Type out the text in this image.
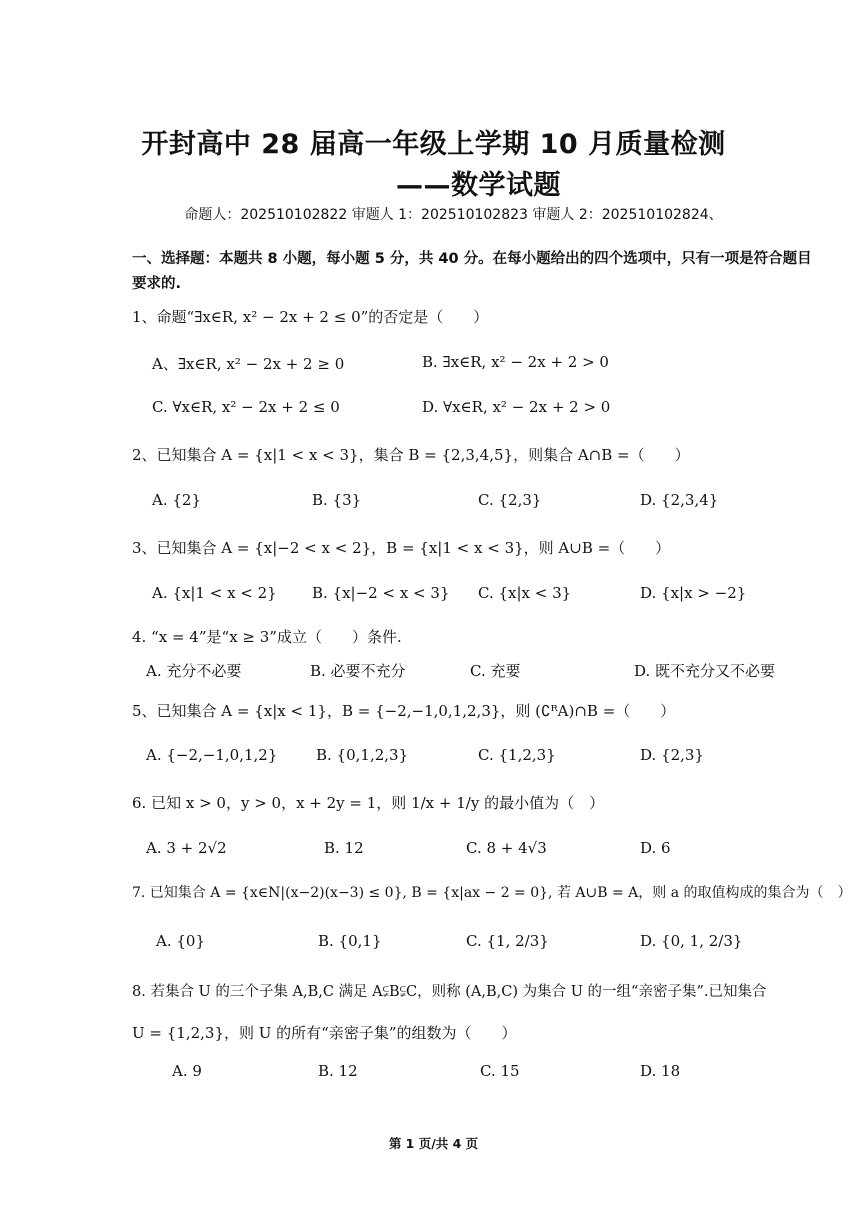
开封高中 28 届高一年级上学期 10 月质量检测
——数学试题
命题人：202510102822 审题人 1：202510102823 审题人 2：202510102824、
一、选择题：本题共 8 小题，每小题 5 分，共 40 分。在每小题给出的四个选项中，只有一项是符合题目要求的.
1、命题“∃x∈R, x² − 2x + 2 ≤ 0”的否定是（　　）
A、∃x∈R, x² − 2x + 2 ≥ 0	B. ∃x∈R, x² − 2x + 2 > 0
C. ∀x∈R, x² − 2x + 2 ≤ 0	D. ∀x∈R, x² − 2x + 2 > 0
2、已知集合 A = {x|1 < x < 3}，集合 B = {2,3,4,5}，则集合 A∩B =（　　）
A. {2}	B. {3}	C. {2,3}	D. {2,3,4}
3、已知集合 A = {x|−2 < x < 2}，B = {x|1 < x < 3}，则 A∪B =（　　）
A. {x|1 < x < 2} B. {x|−2 < x < 3} C. {x|x < 3}	D. {x|x > −2}
4. “x = 4”是“x ≥ 3”成立（　　）条件.
A. 充分不必要	B. 必要不充分	C. 充要	D. 既不充分又不必要
5、已知集合 A = {x|x < 1}，B = {−2,−1,0,1,2,3}，则 (∁ᴿA)∩B =（　　）
A. {−2,−1,0,1,2}	B. {0,1,2,3}	C. {1,2,3}	D. {2,3}
6. 已知 x > 0，y > 0，x + 2y = 1，则 1/x + 1/y 的最小值为（　）
A. 3 + 2√2	B. 12	C. 8 + 4√3	D. 6
7. 已知集合 A = {x∈N|(x−2)(x−3) ≤ 0}, B = {x|ax − 2 = 0}, 若 A∪B = A，则 a 的取值构成的集合为（　）
A. {0}	B. {0,1}	C. {1, 2/3}	D. {0, 1, 2/3}
8. 若集合 U 的三个子集 A,B,C 满足 A⫋B⫋C，则称 (A,B,C) 为集合 U 的一组“亲密子集”.已知集合
U = {1,2,3}，则 U 的所有“亲密子集”的组数为（　　）
A. 9	B. 12	C. 15	D. 18
第 1 页/共 4 页
